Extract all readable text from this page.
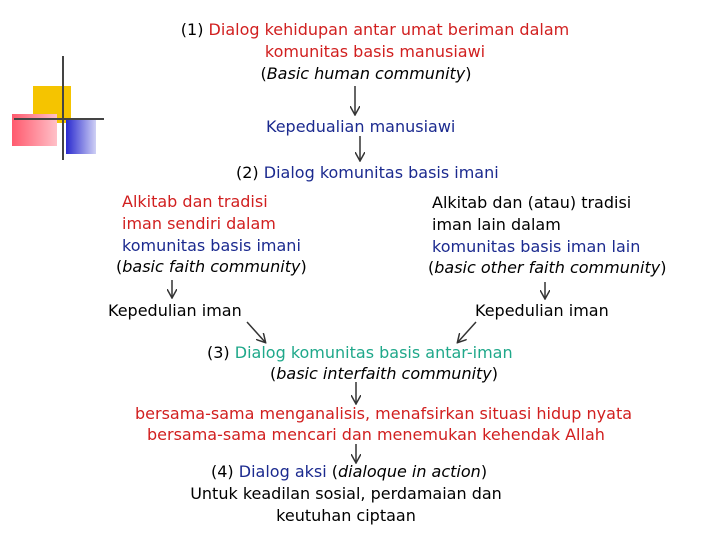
(1) Dialog kehidupan antar umat beriman dalam
komunitas basis manusiawi
(Basic human community)
Kepedualian manusiawi
(2) Dialog komunitas basis imani
Alkitab dan tradisi
iman sendiri dalam
komunitas basis imani
(basic faith community)
Alkitab dan (atau) tradisi
iman lain dalam
komunitas basis iman lain
(basic other faith community)
Kepedulian iman	Kepedulian iman
(3) Dialog komunitas basis antar-iman
(basic interfaith community)
bersama-sama menganalisis, menafsirkan situasi hidup nyata
bersama-sama mencari dan menemukan kehendak Allah
(4) Dialog aksi (dialoque in action)
Untuk keadilan sosial, perdamaian dan
keutuhan ciptaan
